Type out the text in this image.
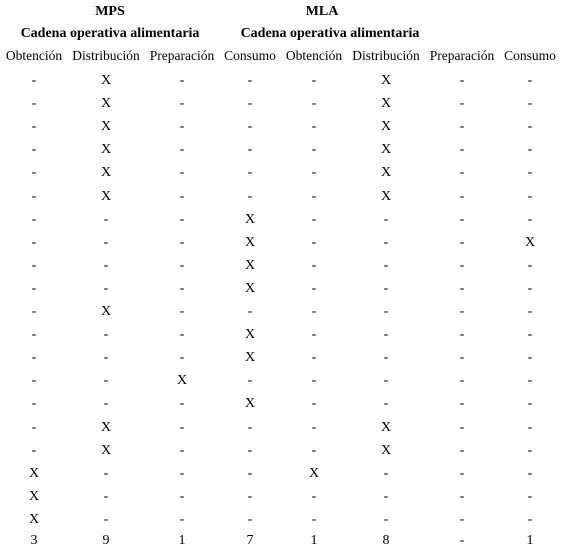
MPS	MLA
Cadena operativa alimentaria	Cadena operativa alimentaria
Obtención Distribución Preparación Consumo Obtención Distribución Preparación Consumo
-	X	-	-	-	X	-	-
-	X	-	-	-	X	-	-
-	X	-	-	-	X	-	-
-	X	-	-	-	X	-	-
-	X	-	-	-	X	-	-
-	X	-	-	-	X	-	-
-	-	-	X	-	-	-	-
-	-	-	X	-	-	-	X
-	-	-	X	-	-	-	-
-	-	-	X	-	-	-	-
-	X	-	-	-	-	-	-
-	-	-	X	-	-	-	-
-	-	-	X	-	-	-	-
-	-	X	-	-	-	-	-
-	-	-	X	-	-	-	-
-	X	-	-	-	X	-	-
-	X	-	-	-	X	-	-
X	-	-	-	X	-	-	-
X	-	-	-	-	-	-	-
X	-	-	-	-	-	-	-
3	9	1	7	1	8	-	1
